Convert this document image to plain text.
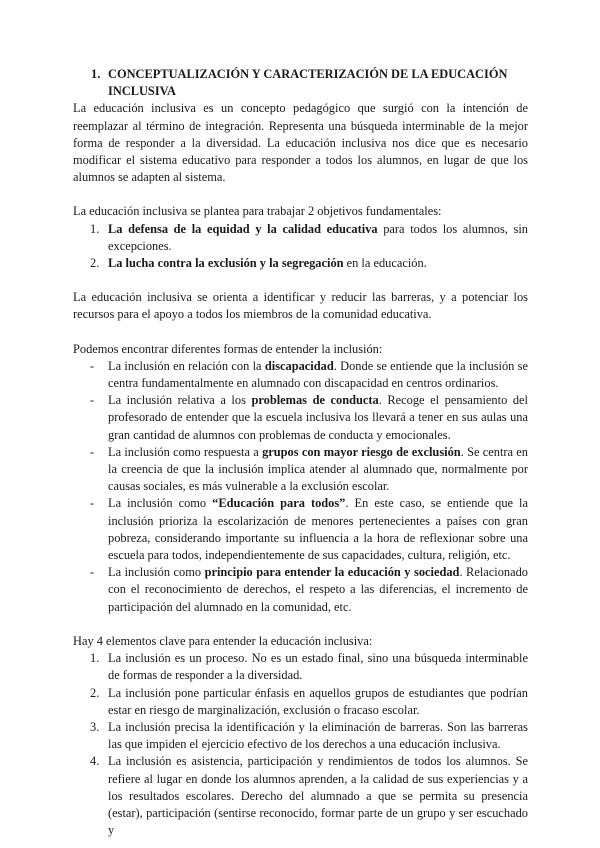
1. CONCEPTUALIZACIÓN Y CARACTERIZACIÓN DE LA EDUCACIÓN INCLUSIVA

La educación inclusiva es un concepto pedagógico que surgió con la intención de reemplazar al término de integración. Representa una búsqueda interminable de la mejor forma de responder a la diversidad. La educación inclusiva nos dice que es necesario modificar el sistema educativo para responder a todos los alumnos, en lugar de que los alumnos se adapten al sistema.

La educación inclusiva se plantea para trabajar 2 objetivos fundamentales:

1. La defensa de la equidad y la calidad educativa para todos los alumnos, sin excepciones.
2. La lucha contra la exclusión y la segregación en la educación.

La educación inclusiva se orienta a identificar y reducir las barreras, y a potenciar los recursos para el apoyo a todos los miembros de la comunidad educativa.

Podemos encontrar diferentes formas de entender la inclusión:

-	La inclusión en relación con la discapacidad. Donde se entiende que la inclusión se centra fundamentalmente en alumnado con discapacidad en centros ordinarios.
-	La inclusión relativa a los problemas de conducta. Recoge el pensamiento del profesorado de entender que la escuela inclusiva los llevará a tener en sus aulas una gran cantidad de alumnos con problemas de conducta y emocionales.
-	La inclusión como respuesta a grupos con mayor riesgo de exclusión. Se centra en la creencia de que la inclusión implica atender al alumnado que, normalmente por causas sociales, es más vulnerable a la exclusión escolar.
-	La inclusión como “Educación para todos”. En este caso, se entiende que la inclusión prioriza la escolarización de menores pertenecientes a países con gran pobreza, considerando importante su influencia a la hora de reflexionar sobre una escuela para todos, independientemente de sus capacidades, cultura, religión, etc.
-	La inclusión como principio para entender la educación y sociedad. Relacionado con el reconocimiento de derechos, el respeto a las diferencias, el incremento de participación del alumnado en la comunidad, etc.

Hay 4 elementos clave para entender la educación inclusiva:

1. La inclusión es un proceso. No es un estado final, sino una búsqueda interminable de formas de responder a la diversidad.
2. La inclusión pone particular énfasis en aquellos grupos de estudiantes que podrían estar en riesgo de marginalización, exclusión o fracaso escolar.
3. La inclusión precisa la identificación y la eliminación de barreras. Son las barreras las que impiden el ejercicio efectivo de los derechos a una educación inclusiva.
4. La inclusión es asistencia, participación y rendimientos de todos los alumnos. Se refiere al lugar en donde los alumnos aprenden, a la calidad de sus experiencias y a los resultados escolares. Derecho del alumnado a que se permita su presencia (estar), participación (sentirse reconocido, formar parte de un grupo y ser escuchado y
